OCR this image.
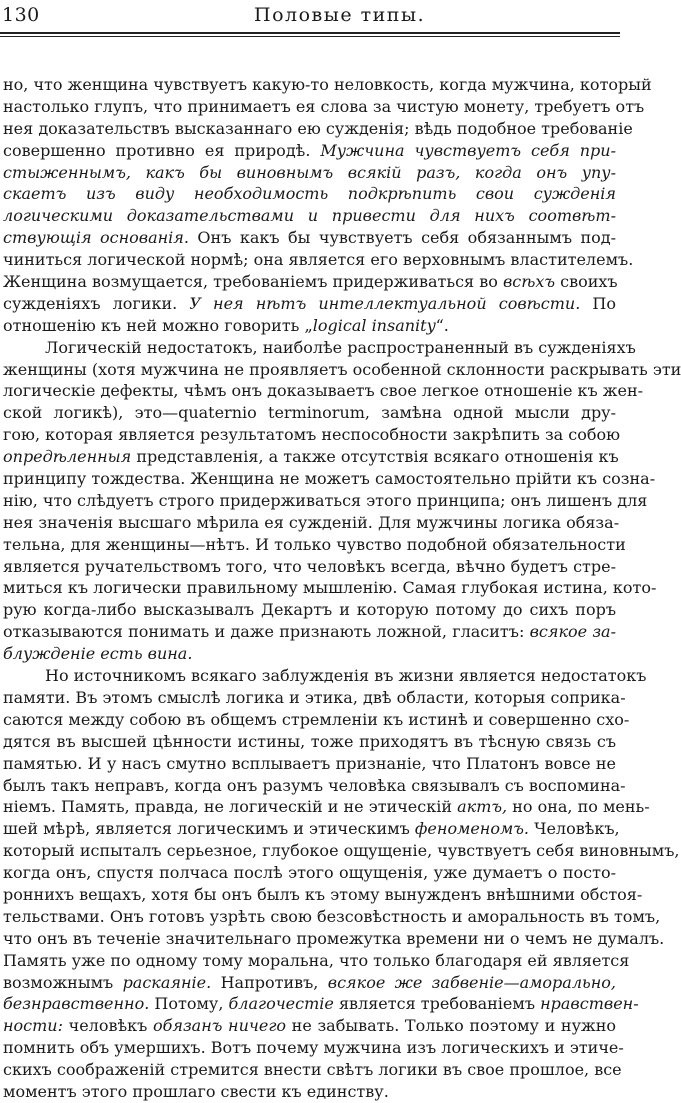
130	Половые типы.
но, что женщина чувствуетъ какую-то неловкость, когда мужчина, который
настолько глупъ, что принимаетъ ея слова за чистую монету, требуетъ отъ
нея доказательствъ высказаннаго ею сужденія; вѣдь подобное требованіе
совершенно противно ея природѣ. Мужчина чувствуетъ себя при-
стыженнымъ, какъ бы виновнымъ всякій разъ, когда онъ упу-
скаетъ изъ виду необходимость подкрѣпить свои сужденія
логическими доказательствами и привести для нихъ соотвѣт-
ствующія основанія. Онъ какъ бы чувствуетъ себя обязаннымъ под-
чиниться логической нормѣ; она является его верховнымъ властителемъ.
Женщина возмущается, требованіемъ придерживаться во всѣхъ своихъ
сужденіяхъ логики. У нея нѣтъ интеллектуальной совѣсти. По
отношенію къ ней можно говорить „logical insanity“.
Логическій недостатокъ, наиболѣе распространенный въ сужденіяхъ
женщины (хотя мужчина не проявляетъ особенной склонности раскрывать эти
логическіе дефекты, чѣмъ онъ доказываетъ свое легкое отношеніе къ жен-
ской логикѣ), это—quaternio terminorum, замѣна одной мысли дру-
гою, которая является результатомъ неспособности закрѣпить за собою
опредѣленныя представленія, а также отсутствія всякаго отношенія къ
принципу тождества. Женщина не можетъ самостоятельно прійти къ созна-
нію, что слѣдуетъ строго придерживаться этого принципа; онъ лишенъ для
нея значенія высшаго мѣрила ея сужденій. Для мужчины логика обяза-
тельна, для женщины—нѣтъ. И только чувство подобной обязательности
является ручательствомъ того, что человѣкъ всегда, вѣчно будетъ стре-
миться къ логически правильному мышленію. Самая глубокая истина, кото-
рую когда-либо высказывалъ Декартъ и которую потому до сихъ поръ
отказываются понимать и даже признають ложной, гласитъ: всякое за-
блужденіе есть вина.
Но источникомъ всякаго заблужденія въ жизни является недостатокъ
памяти. Въ этомъ смыслѣ логика и этика, двѣ области, которыя соприка-
саются между собою въ общемъ стремленіи къ истинѣ и совершенно схо-
дятся въ высшей цѣнности истины, тоже приходятъ въ тѣсную связь съ
памятью. И у насъ смутно всплываетъ признаніе, что Платонъ вовсе не
былъ такъ неправъ, когда онъ разумъ человѣка связывалъ съ воспомина-
ніемъ. Память, правда, не логическій и не этическій актъ, но она, по мень-
шей мѣрѣ, является логическимъ и этическимъ феноменомъ. Человѣкъ,
который испыталъ серьезное, глубокое ощущеніе, чувствуетъ себя виновнымъ,
когда онъ, спустя полчаса послѣ этого ощущенія, уже думаетъ о посто-
роннихъ вещахъ, хотя бы онъ былъ къ этому вынужденъ внѣшними обстоя-
тельствами. Онъ готовъ узрѣть свою безсовѣстность и аморальность въ томъ,
что онъ въ теченіе значительнаго промежутка времени ни о чемъ не думалъ.
Память уже по одному тому моральна, что только благодаря ей является
возможнымъ раскаяніе. Напротивъ, всякое же забвеніе—аморально,
безнравственно. Потому, благочестіе является требованіемъ нравствен-
ности: человѣкъ обязанъ ничего не забывать. Только поэтому и нужно
помнить объ умершихъ. Вотъ почему мужчина изъ логическихъ и этиче-
скихъ соображеній стремится внести свѣтъ логики въ свое прошлое, все
моментъ этого прошлаго свести къ единству.
